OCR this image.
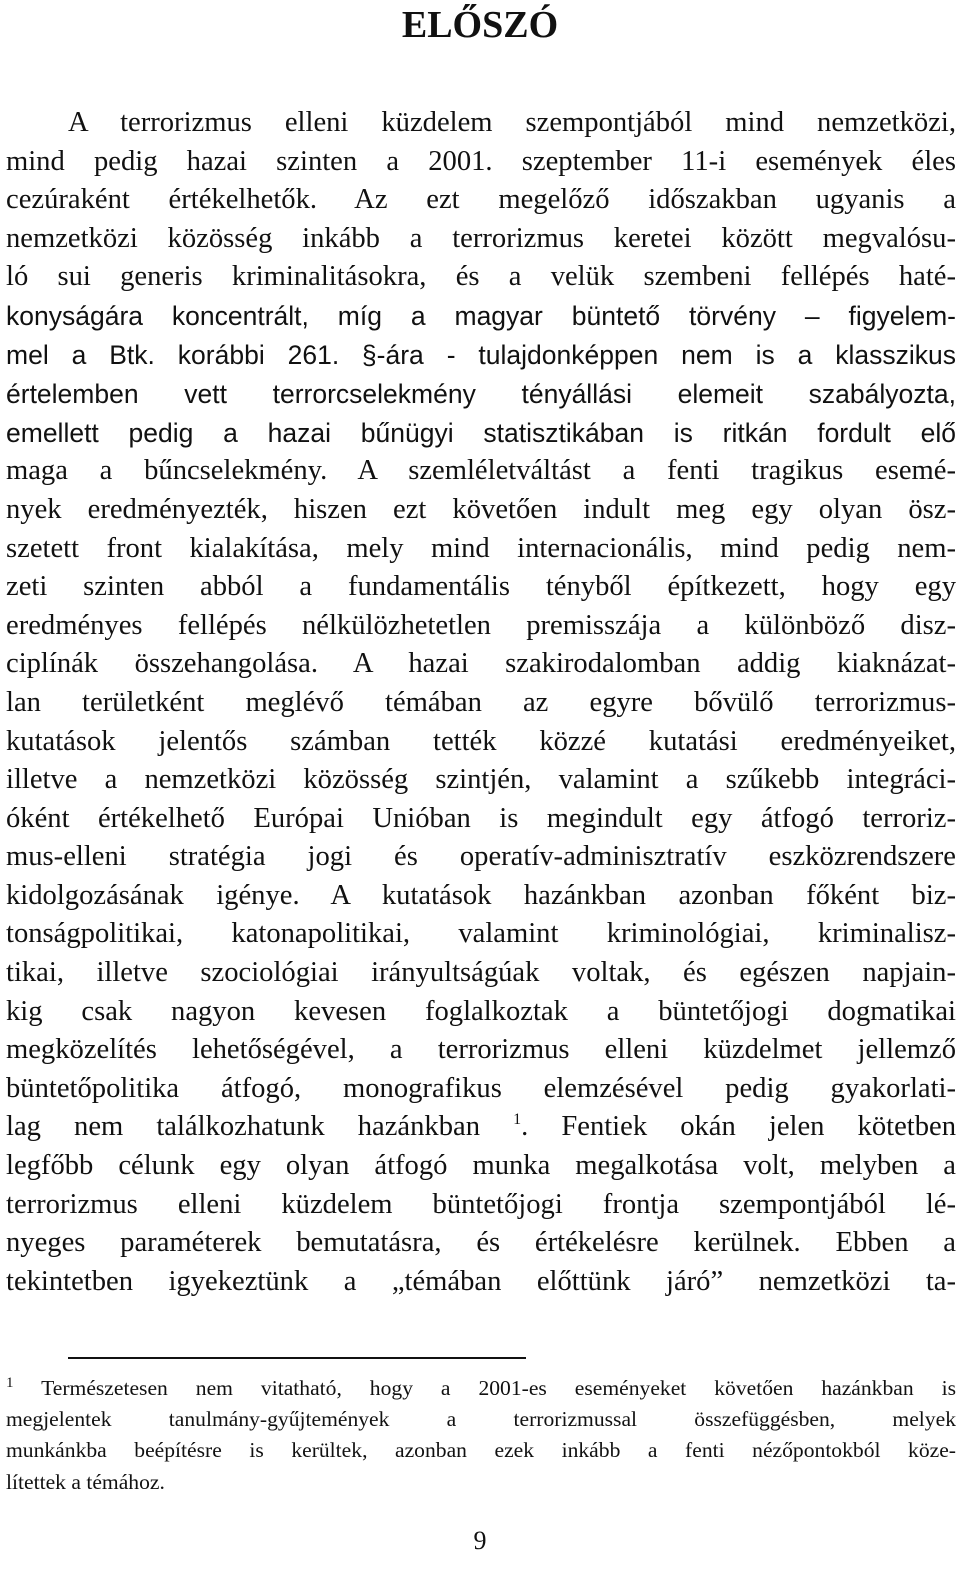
ELŐSZÓ
A terrorizmus elleni küzdelem szempontjából mind nemzetközi,
mind pedig hazai szinten a 2001. szeptember 11-i események éles
cezúraként értékelhetők. Az ezt megelőző időszakban ugyanis a
nemzetközi közösség inkább a terrorizmus keretei között megvalósu-
ló sui generis kriminalitásokra, és a velük szembeni fellépés haté-
konyságára koncentrált, míg a magyar büntető törvény – figyelem-
mel a Btk. korábbi 261. §-ára - tulajdonképpen nem is a klasszikus
értelemben vett terrorcselekmény tényállási elemeit szabályozta,
emellett pedig a hazai bűnügyi statisztikában is ritkán fordult elő
maga a bűncselekmény. A szemléletváltást a fenti tragikus esemé-
nyek eredményezték, hiszen ezt követően indult meg egy olyan ösz-
szetett front kialakítása, mely mind internacionális, mind pedig nem-
zeti szinten abból a fundamentális tényből építkezett, hogy egy
eredményes fellépés nélkülözhetetlen premisszája a különböző disz-
ciplínák összehangolása. A hazai szakirodalomban addig kiaknázat-
lan területként meglévő témában az egyre bővülő terrorizmus-
kutatások jelentős számban tették közzé kutatási eredményeiket,
illetve a nemzetközi közösség szintjén, valamint a szűkebb integráci-
óként értékelhető Európai Unióban is megindult egy átfogó terroriz-
mus-elleni stratégia jogi és operatív-adminisztratív eszközrendszere
kidolgozásának igénye. A kutatások hazánkban azonban főként biz-
tonságpolitikai, katonapolitikai, valamint kriminológiai, kriminalisz-
tikai, illetve szociológiai irányultságúak voltak, és egészen napjain-
kig csak nagyon kevesen foglalkoztak a büntetőjogi dogmatikai
megközelítés lehetőségével, a terrorizmus elleni küzdelmet jellemző
büntetőpolitika átfogó, monografikus elemzésével pedig gyakorlati-
lag nem találkozhatunk hazánkban $^1$. Fentiek okán jelen kötetben
legfőbb célunk egy olyan átfogó munka megalkotása volt, melyben a
terrorizmus elleni küzdelem büntetőjogi frontja szempontjából lé-
nyeges paraméterek bemutatásra, és értékelésre kerülnek. Ebben a
tekintetben igyekeztünk a „témában előttünk járó” nemzetközi ta-
$^1$ Természetesen nem vitatható, hogy a 2001-es eseményeket követően hazánkban is
megjelentek tanulmány-gyűjtemények a terrorizmussal összefüggésben, melyek
munkánkba beépítésre is kerültek, azonban ezek inkább a fenti nézőpontokból köze-
lítettek a témához.
9
